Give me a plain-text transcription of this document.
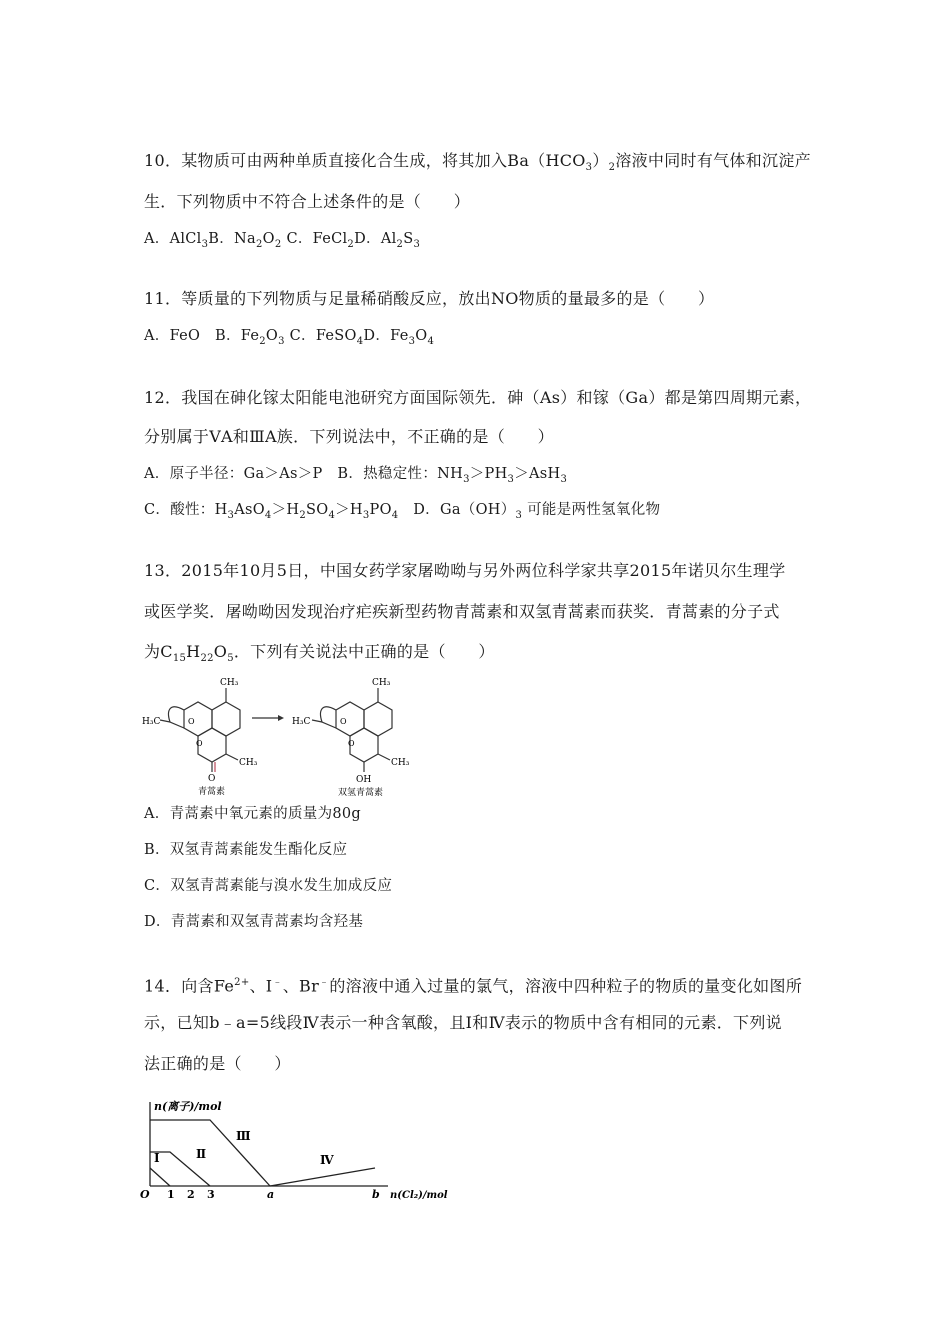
10．某物质可由两种单质直接化合生成，将其加入$Ba(HCO_3)_2$溶液中同时有气体和沉淀产
生．下列物质中不符合上述条件的是（　　）
A．AlCl$_3$B．$Na_2O_2$ C．FeCl$_2$D．$Al_2S_3$
11．等质量的下列物质与足量稀硝酸反应，放出NO物质的量最多的是（　　）
A．FeO　B．$Fe_2O_3$ C．FeSO$_4$D．$Fe_3O_4$
12．我国在砷化镓太阳能电池研究方面国际领先．砷（As）和镓（Ga）都是第四周期元素，
分别属于ⅤA和ⅢA族．下列说法中，不正确的是（　　）
A．原子半径：Ga＞As＞P　B．热稳定性：$NH_3>PH_3>AsH_3$
C．酸性：$H_3AsO_4>H_2SO_4>H_3PO_4$　D．$Ga(OH)_3$ 可能是两性氢氧化物
13．2015年10月5日，中国女药学家屠呦呦与另外两位科学家共享2015年诺贝尔生理学
或医学奖．屠呦呦因发现治疗疟疾新型药物青蒿素和双氢青蒿素而获奖．青蒿素的分子式
为$C_{15}H_{22}O_5$．下列有关说法中正确的是（　　）
CH₃
H₃C	O
O
CH₃
O
青蒿素
CH₃
H₃C	O
O
CH₃
OH
双氢青蒿素
A．青蒿素中氧元素的质量为80g
B．双氢青蒿素能发生酯化反应
C．双氢青蒿素能与溴水发生加成反应
D．青蒿素和双氢青蒿素均含羟基
14．向含$Fe^{2+}$、I﹣、Br﹣的溶液中通入过量的氯气，溶液中四种粒子的物质的量变化如图所
示，已知b﹣a=5线段Ⅳ表示一种含氧酸，且Ⅰ和Ⅳ表示的物质中含有相同的元素．下列说
法正确的是（　　）
n(离子)/mol
n(Cl₂)/mol
O 1 2 3	a	b
Ⅰ	Ⅱ
Ⅲ
Ⅳ
